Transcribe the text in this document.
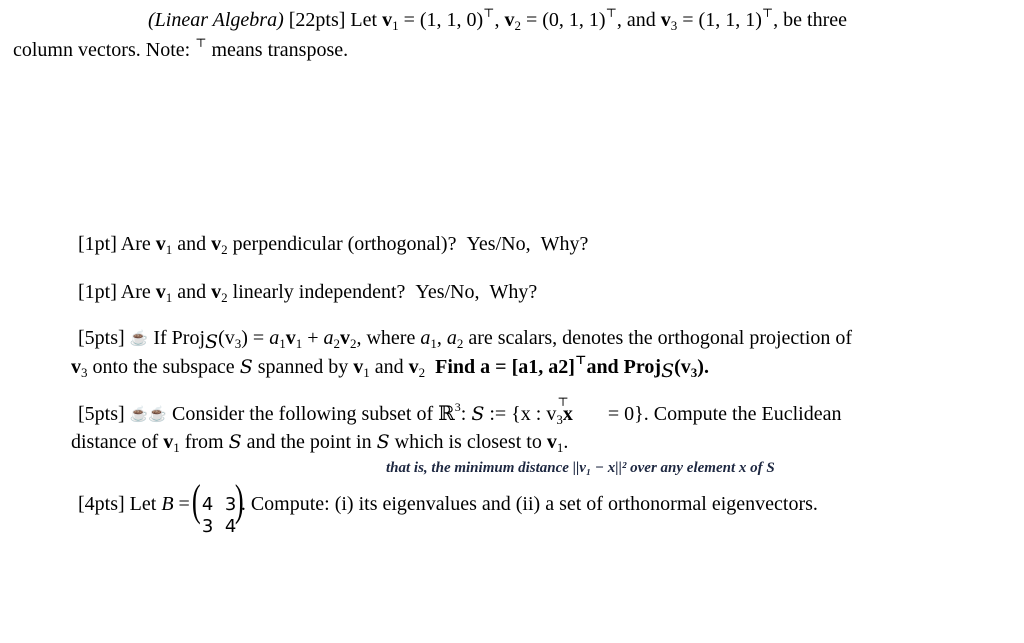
(Linear Algebra) [22pts] Let $v_1 = (1$, 1, 0)⊤, $v_2 = (0$, 1, 1)⊤, and $v_3 = (1$, 1, 1)⊤, be three
column vectors. Note: ⊤ means transpose.
[1pt] Are $v_1$ and $v_2$ perpendicular (orthogonal)? Yes/No, Why?
[1pt] Are $v_1$ and $v_2$ linearly independent? Yes/No, Why?
[5pts] ☕ If $Proj_S(v_3) = a_1v_1 + a_2v_2$, where $a_1$, $a_2$ are scalars, denotes the orthogonal projection of
$v_3$ onto the subspace S spanned by $v_1$ and $v_2$ Find a = [a1, a2]⊤and $Proj_S(v_3)$.
[5pts] ☕☕ Consider the following subset of ℝ$^3$: S := {x : v
⊤
$_3$x = 0}. Compute the Euclidean
distance of $v_1$ from S and the point in S which is closest to $v_1$.
that is, the minimum distance ||v₁ − x||² over any element x of S
[4pts] Let B =
( 4 3
3 4
)
. Compute: (i) its eigenvalues and (ii) a set of orthonormal eigenvectors.
